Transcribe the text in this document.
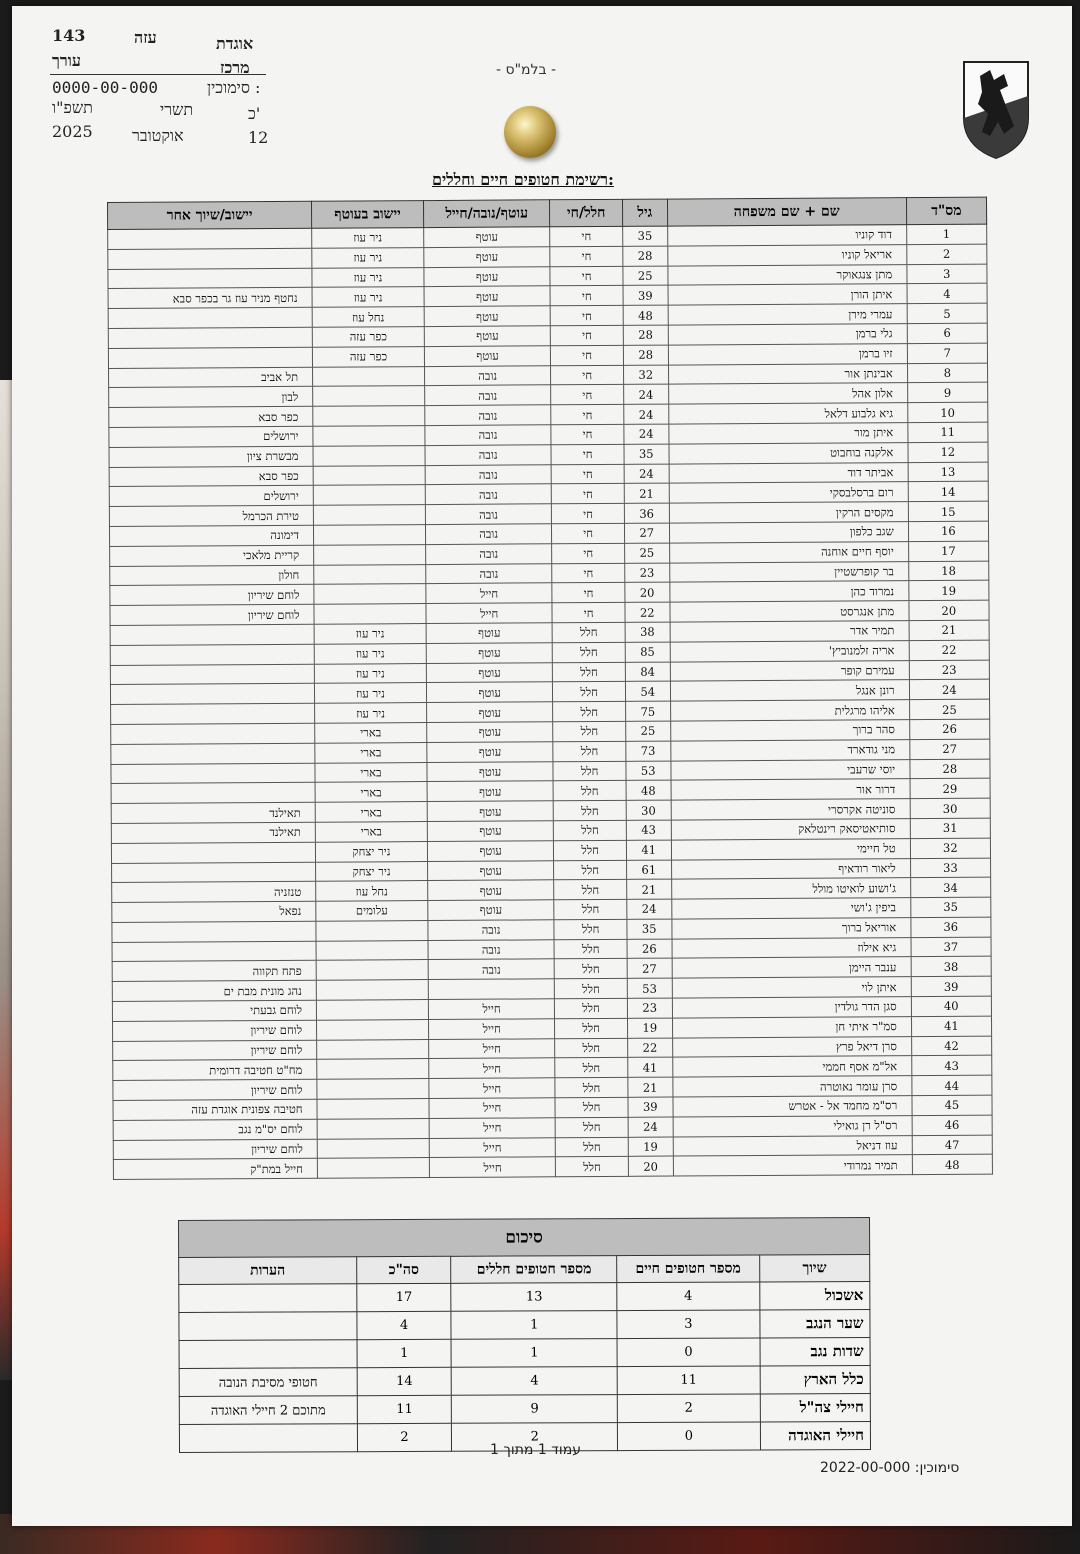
143	עזה	אוגדת
עורך	מרכז
סימוכין :
0000-00-000
כ'
תשרי
תשפ"ו
12
אוקטובר
2025
- בלמ"ס -
רשימת חטופים חיים וחללים:
מס"ד	שם + שם משפחה	גיל	חלל/חי	עוטף/נובה/חייל	יישוב בעוטף	יישוב/שיוך אחר
1	דוד קוניו	35	חי	עוטף	ניר עוז	
2	אריאל קוניו	28	חי	עוטף	ניר עוז	
3	מתן צנגאוקר	25	חי	עוטף	ניר עוז	
4	איתן הורן	39	חי	עוטף	ניר עוז	נחטף מניר עוז גר בכפר סבא
5	עמרי מירן	48	חי	עוטף	נחל עוז	
6	גלי ברמן	28	חי	עוטף	כפר עזה	
7	זיו ברמן	28	חי	עוטף	כפר עזה	
8	אבינתן אור	32	חי	נובה		תל אביב
9	אלון אהל	24	חי	נובה		לבון
10	גיא גלבוע דלאל	24	חי	נובה		כפר סבא
11	איתן מור	24	חי	נובה		ירושלים
12	אלקנה בוחבוט	35	חי	נובה		מבשרת ציון
13	אביתר דוד	24	חי	נובה		כפר סבא
14	רום ברסלבסקי	21	חי	נובה		ירושלים
15	מקסים הרקין	36	חי	נובה		טירת הכרמל
16	שגב כלפון	27	חי	נובה		דימונה
17	יוסף חיים אוחנה	25	חי	נובה		קריית מלאכי
18	בר קופרשטיין	23	חי	נובה		חולון
19	נמרוד כהן	20	חי	חייל		לוחם שיריון
20	מתן אנגרסט	22	חי	חייל		לוחם שיריון
21	תמיר אדר	38	חלל	עוטף	ניר עוז	
22	אריה זלמנוביץ'	85	חלל	עוטף	ניר עוז	
23	עמירם קופר	84	חלל	עוטף	ניר עוז	
24	רונן אנגל	54	חלל	עוטף	ניר עוז	
25	אליהו מרגלית	75	חלל	עוטף	ניר עוז	
26	סהר ברוך	25	חלל	עוטף	בארי	
27	מני גודארד	73	חלל	עוטף	בארי	
28	יוסי שרעבי	53	חלל	עוטף	בארי	
29	דרור אור	48	חלל	עוטף	בארי	
30	סוניטה אקרסרי	30	חלל	עוטף	בארי	תאילנד
31	סותיאטיסאק רינטלאק	43	חלל	עוטף	בארי	תאילנד
32	טל חיימי	41	חלל	עוטף	ניר יצחק	
33	ליאור רודאיף	61	חלל	עוטף	ניר יצחק	
34	ג'ושוע לואיטו מולל	21	חלל	עוטף	נחל עוז	טנזניה
35	ביפין ג'ושי	24	חלל	עוטף	עלומים	נפאל
36	אוריאל ברוך	35	חלל	נובה		
37	גיא אילוז	26	חלל	נובה		
38	ענבר היימן	27	חלל	נובה		פתח תקווה
39	איתן לוי	53	חלל			נהג מונית מבת ים
40	סגן הדר גולדין	23	חלל	חייל		לוחם גבעתי
41	סמ"ר איתי חן	19	חלל	חייל		לוחם שיריון
42	סרן דיאל פרץ	22	חלל	חייל		לוחם שיריון
43	אל"מ אסף חממי	41	חלל	חייל		מח"ט חטיבה דרומית
44	סרן עומר נאוטרה	21	חלל	חייל		לוחם שיריון
45	רס"מ מחמד אל - אטרש	39	חלל	חייל		חטיבה צפונית אוגדת עזה
46	רס"ל רן גואילי	24	חלל	חייל		לוחם יס"מ נגב
47	עוז דניאל	19	חלל	חייל		לוחם שיריון
48	תמיר נמרודי	20	חלל	חייל		חייל במת"ק
סיכום				
שיוך	מספר חטופים חיים	מספר חטופים חללים	סה"כ	הערות
אשכול	4	13	17	
שער הנגב	3	1	4	
שדות נגב	0	1	1	
כלל הארץ	11	4	14	חטופי מסיבת הנובה
חיילי צה"ל	2	9	11	מתוכם 2 חיילי האוגדה
חיילי האוגדה	0	2	2	
עמוד 1 מתוך 1
סימוכין: 2022-00-000
